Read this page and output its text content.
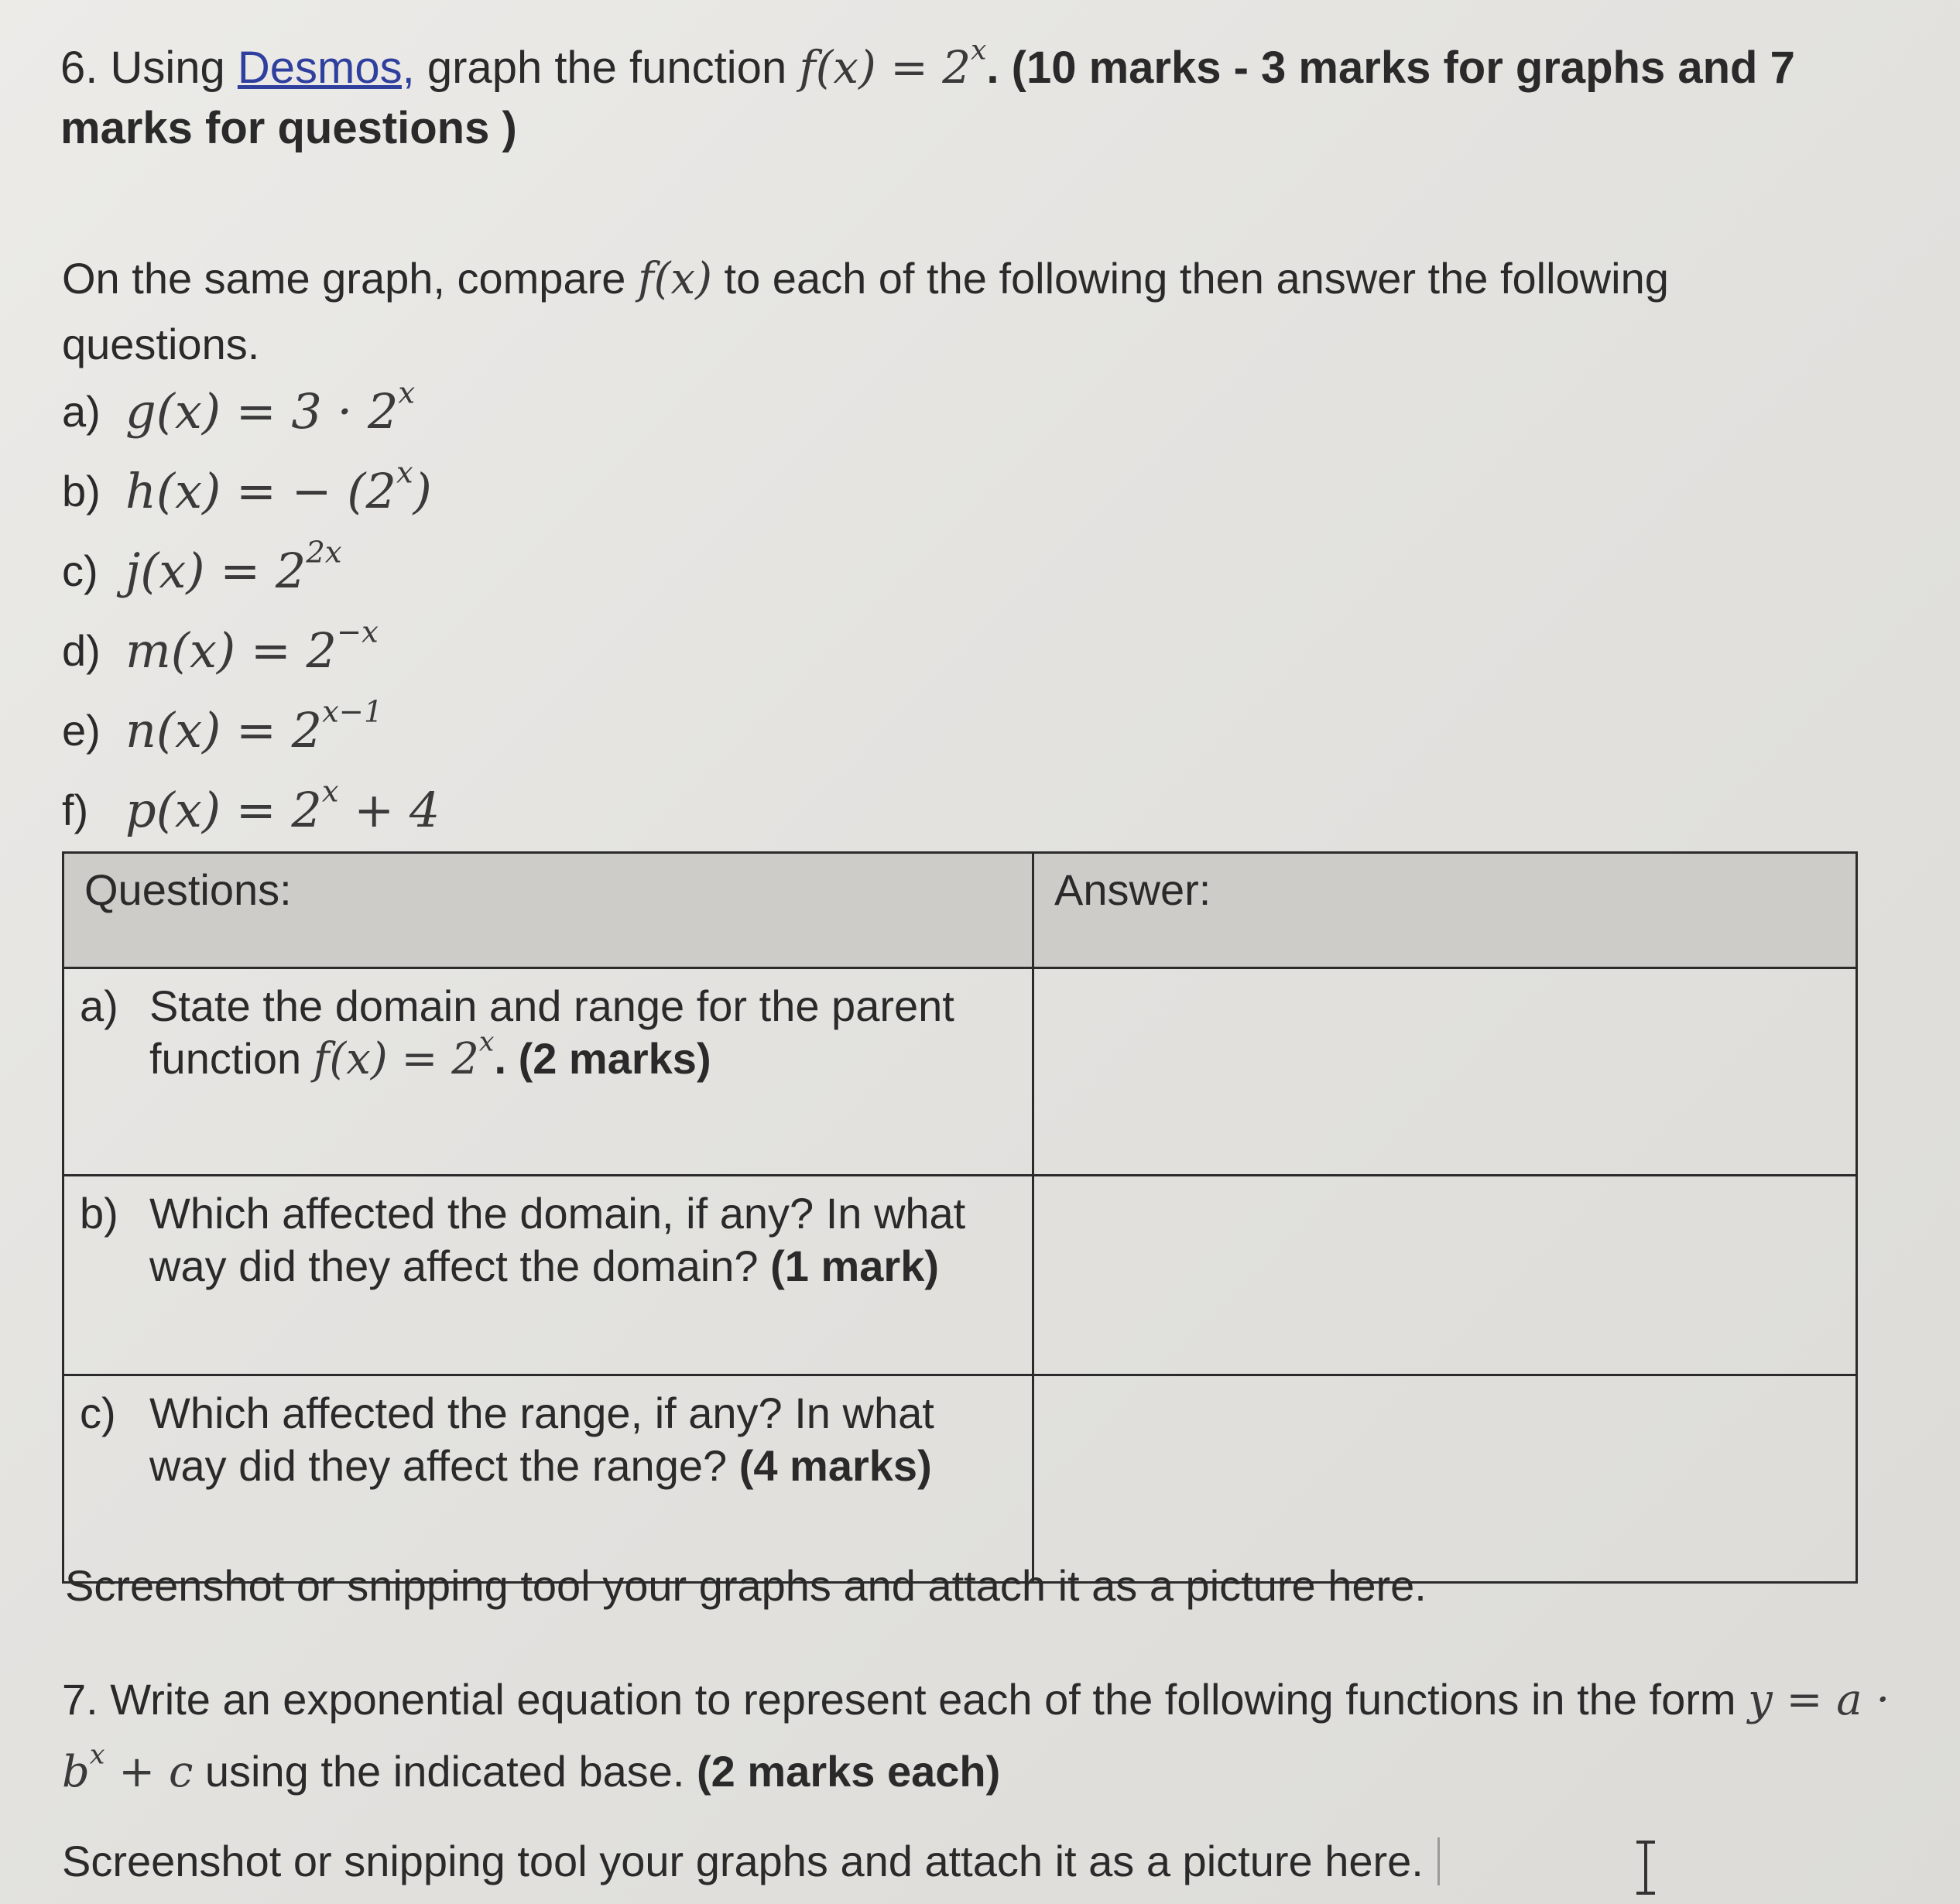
6. Using Desmos, graph the function $f(x) = 2^x$. (10 marks - 3 marks for graphs and 7 marks for questions )
On the same graph, compare f(x) to each of the following then answer the following questions.
a) $g(x) = 3 \cdot 2^x$
b) h(x) = − $(2^x)$
c) $j(x) = 2^{2x}$
d) $m(x) = 2^{-x}$
e) $n(x) = 2^{x-1}$
f) $p(x) = 2^x + 4$
Questions:	Answer:
a) State the domain and range for the parent function $f(x) = 2^x$. (2 marks)	
b) Which affected the domain, if any? In what way did they affect the domain? (1 mark)	
c) Which affected the range, if any? In what way did they affect the range? (4 marks)	
Screenshot or snipping tool your graphs and attach it as a picture here.
7. Write an exponential equation to represent each of the following functions in the form $y = a \cdot b^x + c$ using the indicated base. (2 marks each)
Screenshot or snipping tool your graphs and attach it as a picture here.
